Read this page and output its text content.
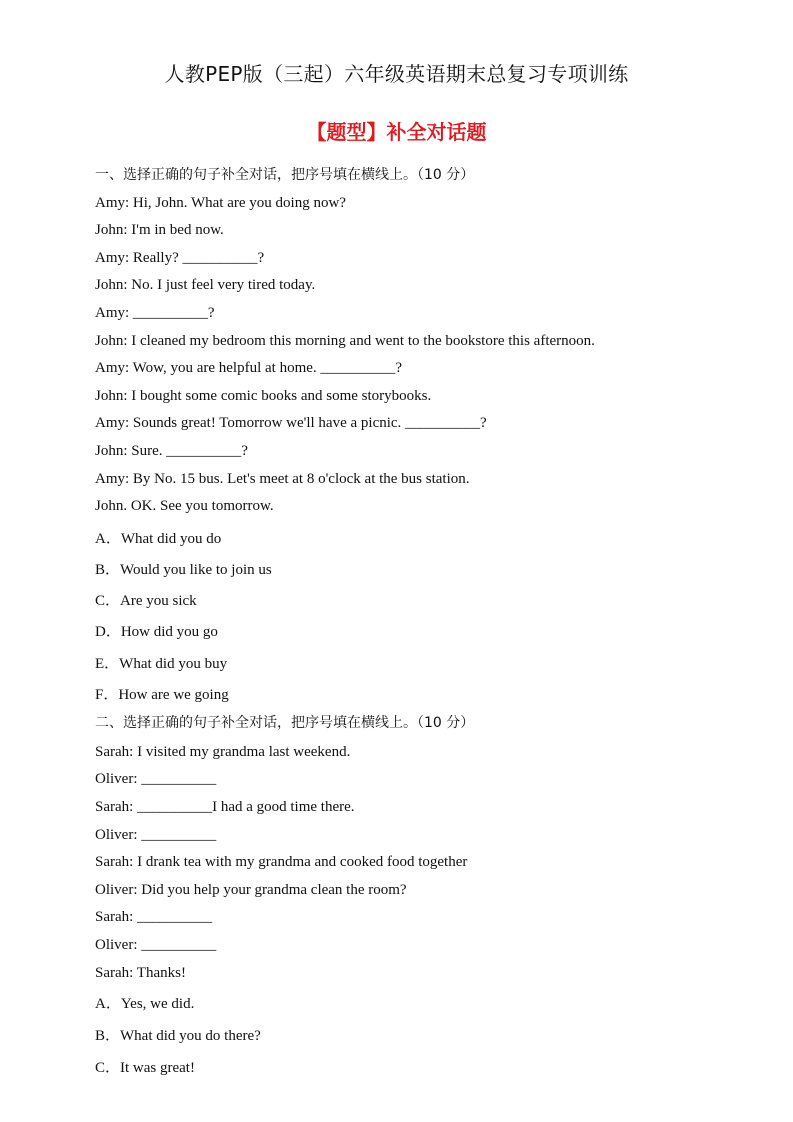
人教PEP版（三起）六年级英语期末总复习专项训练
【题型】补全对话题
一、选择正确的句子补全对话，把序号填在横线上。（10 分）
Amy: Hi, John. What are you doing now?
John: I'm in bed now.
Amy: Really? __________?
John: No. I just feel very tired today.
Amy: __________?
John: I cleaned my bedroom this morning and went to the bookstore this afternoon.
Amy: Wow, you are helpful at home. __________?
John: I bought some comic books and some storybooks.
Amy: Sounds great! Tomorrow we'll have a picnic. __________?
John: Sure. __________?
Amy: By No. 15 bus. Let's meet at 8 o'clock at the bus station.
John. OK. See you tomorrow.
A．What did you do
B．Would you like to join us
C．Are you sick
D．How did you go
E．What did you buy
F．How are we going
二、选择正确的句子补全对话，把序号填在横线上。（10 分）
Sarah: I visited my grandma last weekend.
Oliver: __________
Sarah: __________I had a good time there.
Oliver: __________
Sarah: I drank tea with my grandma and cooked food together
Oliver: Did you help your grandma clean the room?
Sarah: __________
Oliver: __________
Sarah: Thanks!
A．Yes, we did.
B．What did you do there?
C．It was great!
